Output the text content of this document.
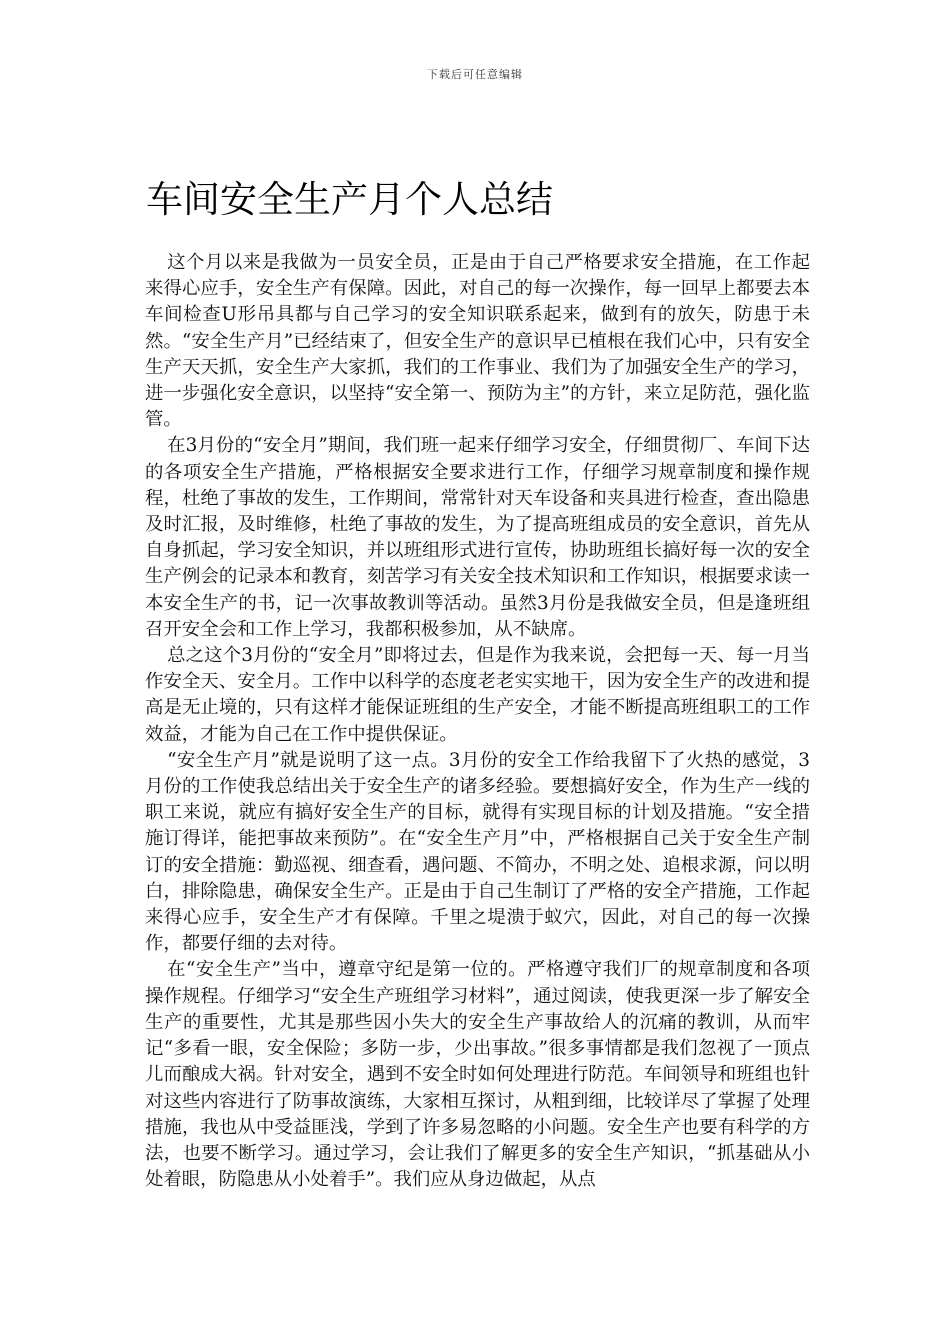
下载后可任意编辑
车间安全生产月个人总结

这个月以来是我做为一员安全员，正是由于自己严格要求安全措施，在工作起来得心应手，安全生产有保障。因此，对自己的每一次操作，每一回早上都要去本车间检查U形吊具都与自己学习的安全知识联系起来，做到有的放矢，防患于未然。“安全生产月”已经结束了，但安全生产的意识早已植根在我们心中，只有安全生产天天抓，安全生产大家抓，我们的工作事业、我们为了加强安全生产的学习，进一步强化安全意识，以坚持“安全第一、预防为主”的方针，来立足防范，强化监管。

在3月份的“安全月”期间，我们班一起来仔细学习安全，仔细贯彻厂、车间下达的各项安全生产措施，严格根据安全要求进行工作，仔细学习规章制度和操作规程，杜绝了事故的发生，工作期间，常常针对天车设备和夹具进行检查，查出隐患及时汇报，及时维修，杜绝了事故的发生，为了提高班组成员的安全意识，首先从自身抓起，学习安全知识，并以班组形式进行宣传，协助班组长搞好每一次的安全生产例会的记录本和教育，刻苦学习有关安全技术知识和工作知识，根据要求读一本安全生产的书，记一次事故教训等活动。虽然3月份是我做安全员，但是逢班组召开安全会和工作上学习，我都积极参加，从不缺席。

总之这个3月份的“安全月”即将过去，但是作为我来说，会把每一天、每一月当作安全天、安全月。工作中以科学的态度老老实实地干，因为安全生产的改进和提高是无止境的，只有这样才能保证班组的生产安全，才能不断提高班组职工的工作效益，才能为自己在工作中提供保证。

“安全生产月”就是说明了这一点。3月份的安全工作给我留下了火热的感觉，3月份的工作使我总结出关于安全生产的诸多经验。要想搞好安全，作为生产一线的职工来说，就应有搞好安全生产的目标，就得有实现目标的计划及措施。“安全措施订得详，能把事故来预防”。在“安全生产月”中，严格根据自己关于安全生产制订的安全措施：勤巡视、细查看，遇问题、不简办，不明之处、追根求源，问以明白，排除隐患，确保安全生产。正是由于自己生制订了严格的安全产措施，工作起来得心应手，安全生产才有保障。千里之堤溃于蚁穴，因此，对自己的每一次操作，都要仔细的去对待。

在“安全生产”当中，遵章守纪是第一位的。严格遵守我们厂的规章制度和各项操作规程。仔细学习“安全生产班组学习材料”，通过阅读，使我更深一步了解安全生产的重要性，尤其是那些因小失大的安全生产事故给人的沉痛的教训，从而牢记“多看一眼，安全保险；多防一步，少出事故。”很多事情都是我们忽视了一顶点儿而酿成大祸。针对安全，遇到不安全时如何处理进行防范。车间领导和班组也针对这些内容进行了防事故演练，大家相互探讨，从粗到细，比较详尽了掌握了处理措施，我也从中受益匪浅，学到了许多易忽略的小问题。安全生产也要有科学的方法，也要不断学习。通过学习，会让我们了解更多的安全生产知识，“抓基础从小处着眼，防隐患从小处着手”。我们应从身边做起，从点
